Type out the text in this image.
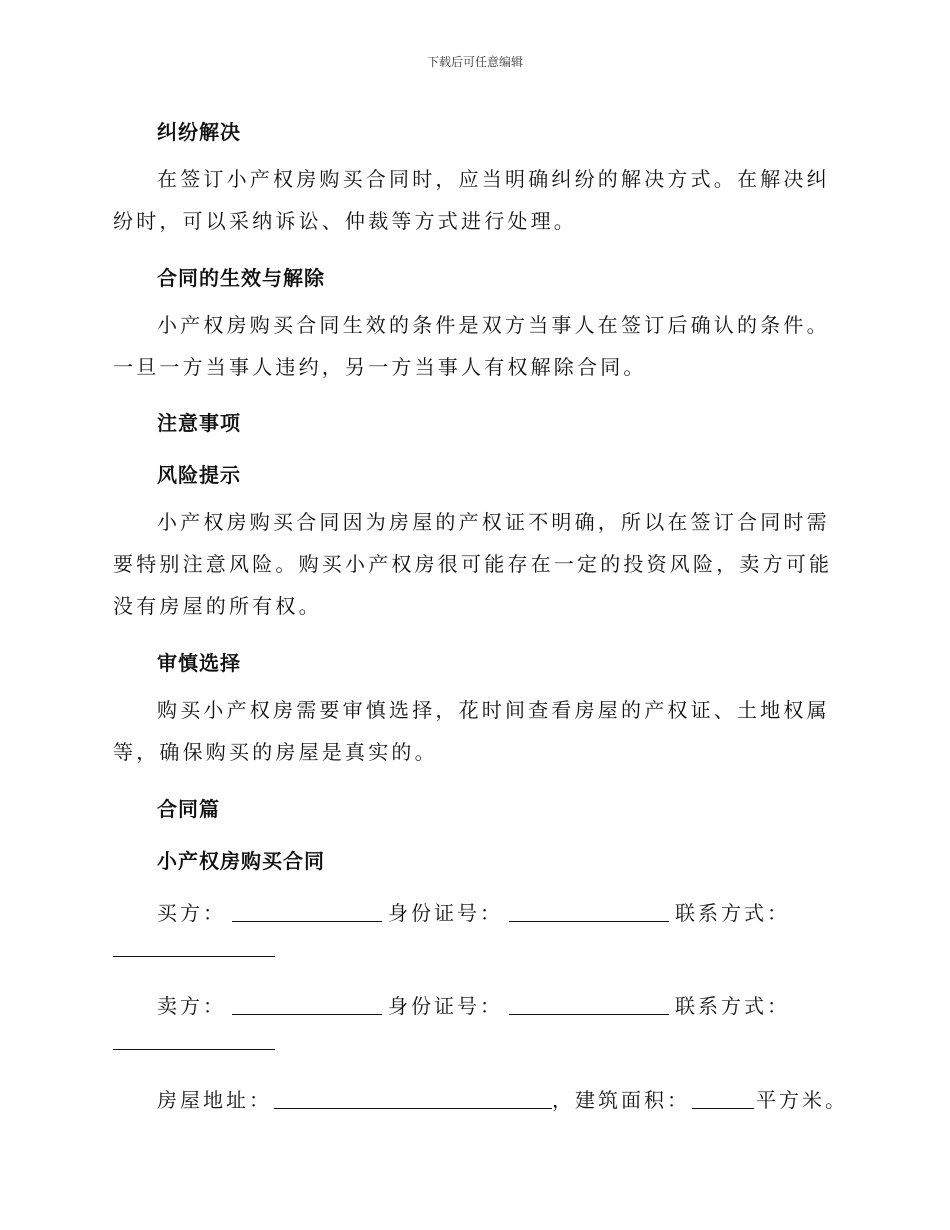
下载后可任意编辑
纠纷解决
在签订小产权房购买合同时，应当明确纠纷的解决方式。在解决纠纷时，可以采纳诉讼、仲裁等方式进行处理。
合同的生效与解除
小产权房购买合同生效的条件是双方当事人在签订后确认的条件。一旦一方当事人违约，另一方当事人有权解除合同。
注意事项
风险提示
小产权房购买合同因为房屋的产权证不明确，所以在签订合同时需要特别注意风险。购买小产权房很可能存在一定的投资风险，卖方可能没有房屋的所有权。
审慎选择
购买小产权房需要审慎选择，花时间查看房屋的产权证、土地权属等，确保购买的房屋是真实的。
合同篇
小产权房购买合同
买方：	身份证号：	联系方式：
卖方：	身份证号：	联系方式：
房屋地址：	，建筑面积：	平方米。
